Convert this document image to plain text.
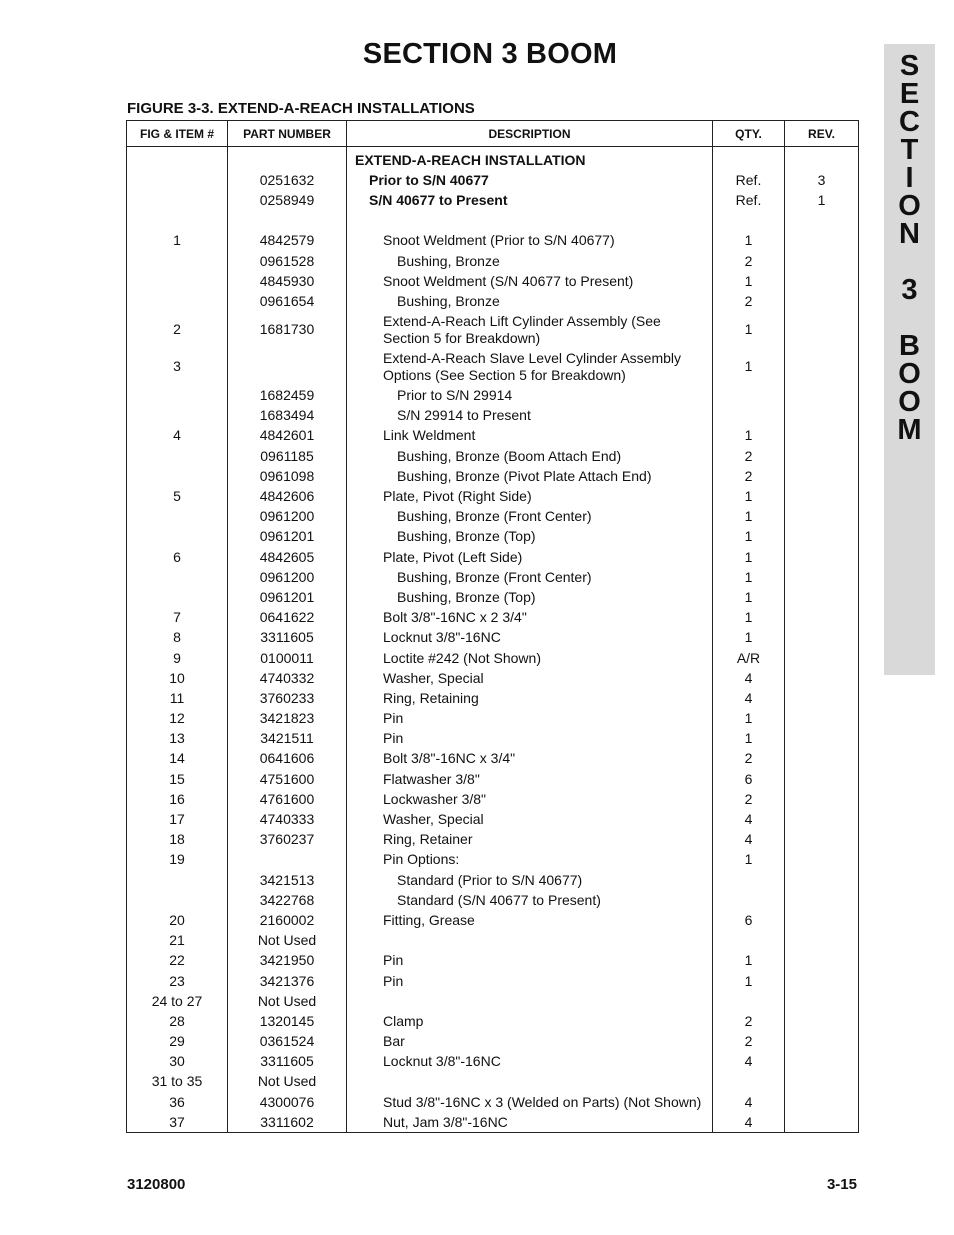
SECTION 3 BOOM	S
E
C
T
I
O
N
3
B
O
O
M
FIGURE 3-3. EXTEND-A-REACH INSTALLATIONS
FIG & ITEM #	PART NUMBER	DESCRIPTION	QTY.	REV.

		EXTEND-A-REACH INSTALLATION		

	0251632	Prior to S/N 40677	Ref.	3
	0258949	S/N 40677 to Present	Ref.	1

1	4842579	Snoot Weldment (Prior to S/N 40677)	1	
	0961528	Bushing, Bronze	2	
	4845930	Snoot Weldment (S/N 40677 to Present)	1	
	0961654	Bushing, Bronze	2	
2	1681730	Extend-A-Reach Lift Cylinder Assembly (See Section 5 for Breakdown)	1	
3		Extend-A-Reach Slave Level Cylinder Assembly Options (See Section 5 for Breakdown)	1	
	1682459	Prior to S/N 29914		

	1683494	S/N 29914 to Present		

4	4842601	Link Weldment	1	
	0961185	Bushing, Bronze (Boom Attach End)	2	
	0961098	Bushing, Bronze (Pivot Plate Attach End)	2	
5	4842606	Plate, Pivot (Right Side)	1	
	0961200	Bushing, Bronze (Front Center)	1	
	0961201	Bushing, Bronze (Top)	1	
6	4842605	Plate, Pivot (Left Side)	1	
	0961200	Bushing, Bronze (Front Center)	1	
	0961201	Bushing, Bronze (Top)	1	
7	0641622	Bolt 3/8"-16NC x 2 3/4"	1	
8	3311605	Locknut 3/8"-16NC	1	
9	0100011	Loctite #242 (Not Shown)	A/R	
10	4740332	Washer, Special	4	
11	3760233	Ring, Retaining	4	
12	3421823	Pin	1	
13	3421511	Pin	1	
14	0641606	Bolt 3/8"-16NC x 3/4"	2	
15	4751600	Flatwasher 3/8"	6	
16	4761600	Lockwasher 3/8"	2	
17	4740333	Washer, Special	4	
18	3760237	Ring, Retainer	4	
19		Pin Options:	1	
	3421513	Standard (Prior to S/N 40677)		

	3422768	Standard (S/N 40677 to Present)		

20	2160002	Fitting, Grease	6	
21	Not Used	

22	3421950	Pin	1	
23	3421376	Pin	1	
24 to 27	Not Used	

28	1320145	Clamp	2	
29	0361524	Bar	2	
30	3311605	Locknut 3/8"-16NC	4	
31 to 35	Not Used	

36	4300076	Stud 3/8"-16NC x 3 (Welded on Parts) (Not Shown)	4	
37	3311602	Nut, Jam 3/8"-16NC	4	
3120800	3-15
